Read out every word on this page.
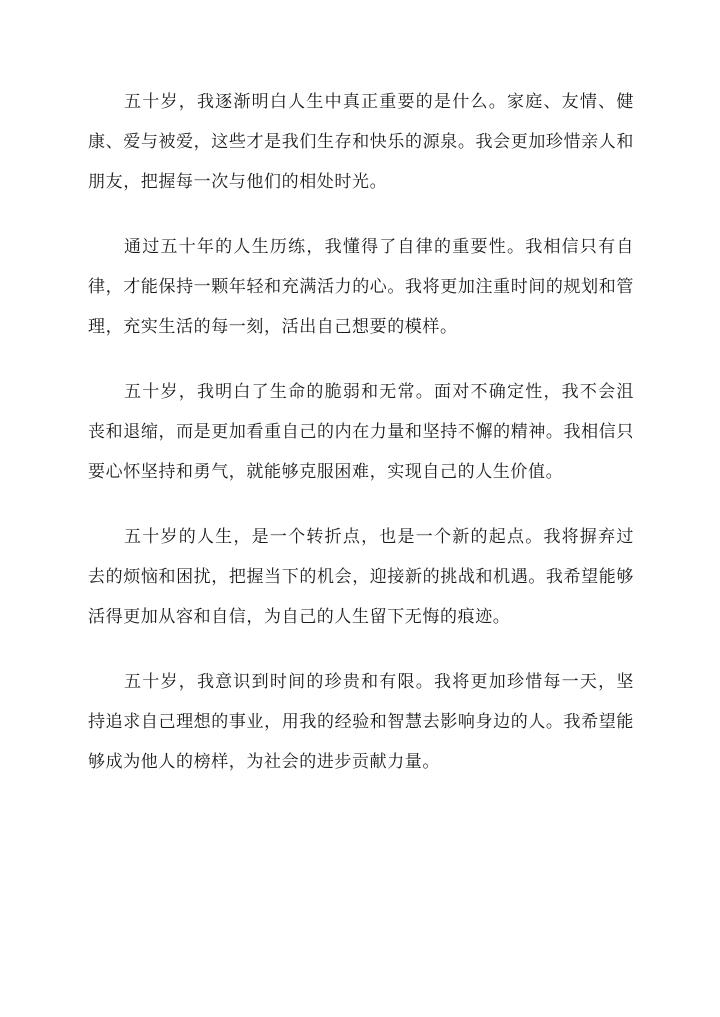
五十岁，我逐渐明白人生中真正重要的是什么。家庭、友情、健康、爱与被爱，这些才是我们生存和快乐的源泉。我会更加珍惜亲人和朋友，把握每一次与他们的相处时光。

通过五十年的人生历练，我懂得了自律的重要性。我相信只有自律，才能保持一颗年轻和充满活力的心。我将更加注重时间的规划和管理，充实生活的每一刻，活出自己想要的模样。

五十岁，我明白了生命的脆弱和无常。面对不确定性，我不会沮丧和退缩，而是更加看重自己的内在力量和坚持不懈的精神。我相信只要心怀坚持和勇气，就能够克服困难，实现自己的人生价值。

五十岁的人生，是一个转折点，也是一个新的起点。我将摒弃过去的烦恼和困扰，把握当下的机会，迎接新的挑战和机遇。我希望能够活得更加从容和自信，为自己的人生留下无悔的痕迹。

五十岁，我意识到时间的珍贵和有限。我将更加珍惜每一天，坚持追求自己理想的事业，用我的经验和智慧去影响身边的人。我希望能够成为他人的榜样，为社会的进步贡献力量。
